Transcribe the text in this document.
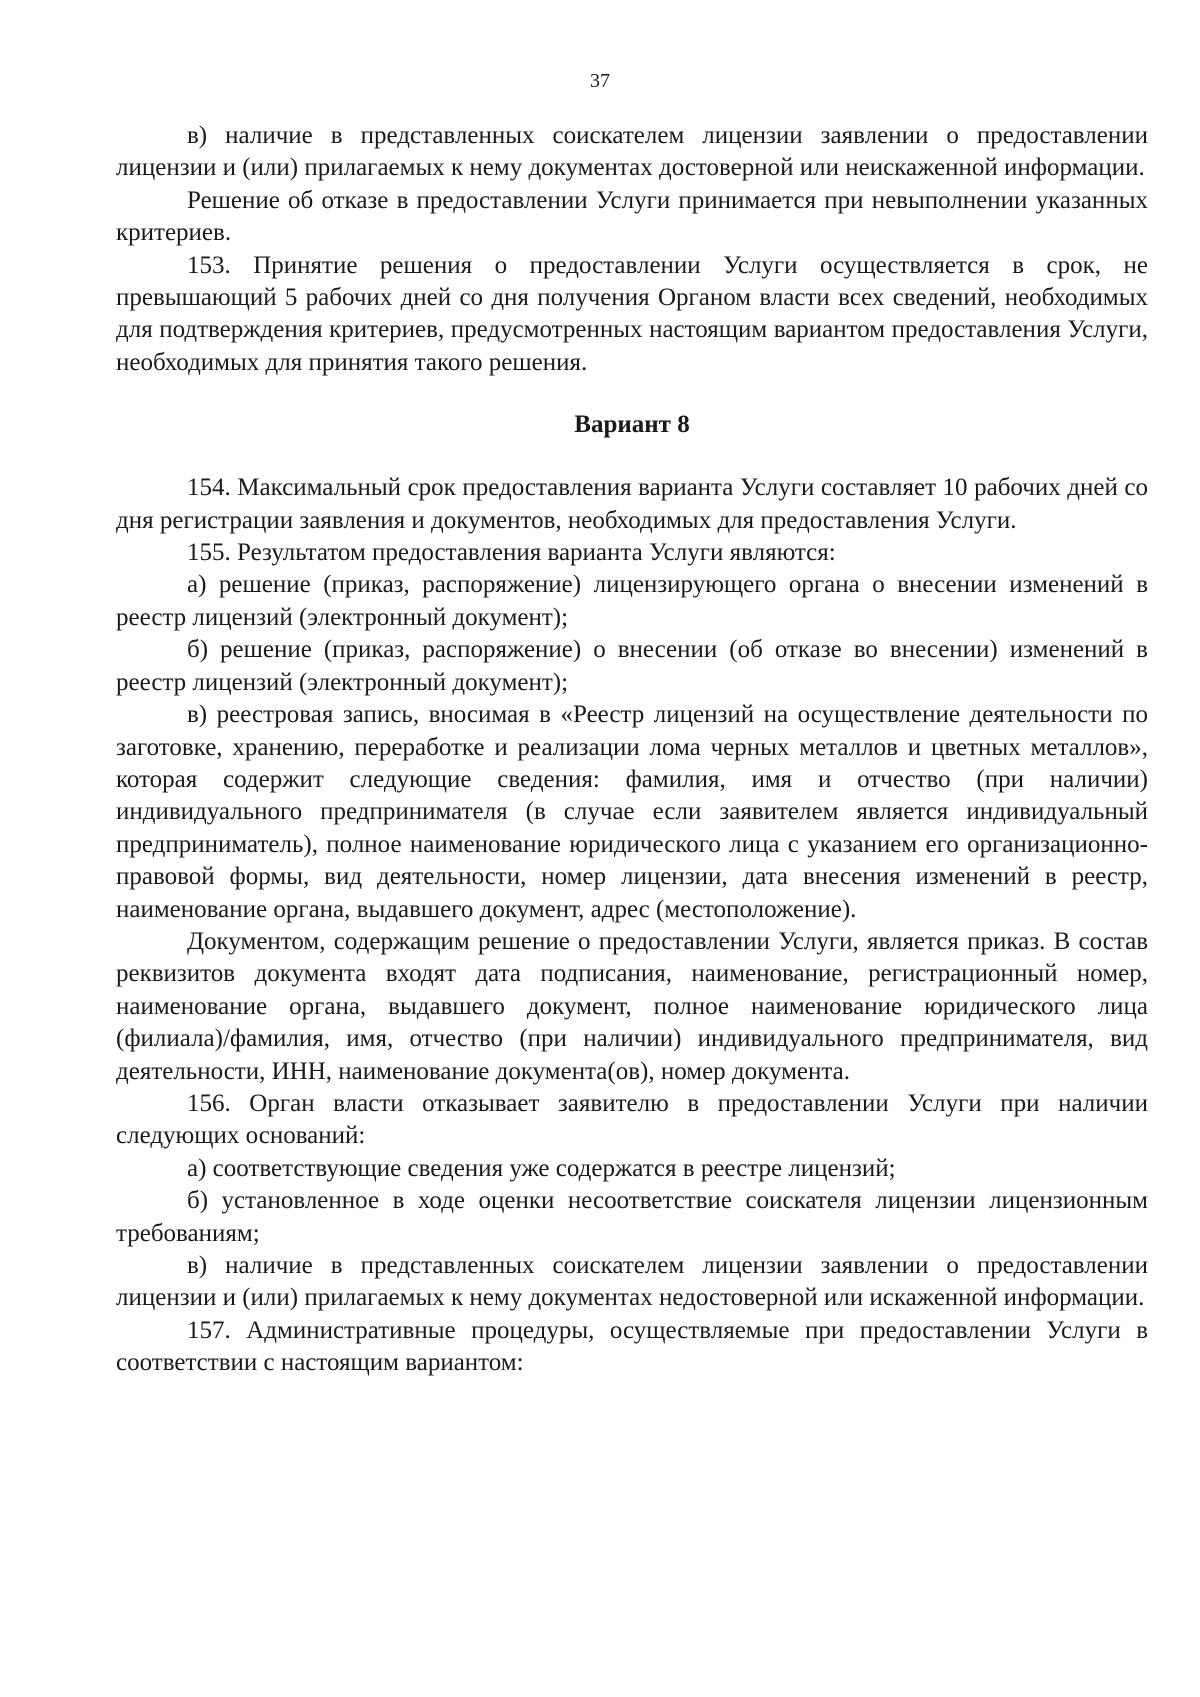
37

в) наличие в представленных соискателем лицензии заявлении о предоставлении лицензии и (или) прилагаемых к нему документах достоверной или неискаженной информации.

Решение об отказе в предоставлении Услуги принимается при невыполнении указанных критериев.

153. Принятие решения о предоставлении Услуги осуществляется в срок, не превышающий 5 рабочих дней со дня получения Органом власти всех сведений, необходимых для подтверждения критериев, предусмотренных настоящим вариантом предоставления Услуги, необходимых для принятия такого решения.

Вариант 8

154. Максимальный срок предоставления варианта Услуги составляет 10 рабочих дней со дня регистрации заявления и документов, необходимых для предоставления Услуги.

155. Результатом предоставления варианта Услуги являются:

а) решение (приказ, распоряжение) лицензирующего органа о внесении изменений в реестр лицензий (электронный документ);

б) решение (приказ, распоряжение) о внесении (об отказе во внесении) изменений в реестр лицензий (электронный документ);

в) реестровая запись, вносимая в «Реестр лицензий на осуществление деятельности по заготовке, хранению, переработке и реализации лома черных металлов и цветных металлов», которая содержит следующие сведения: фамилия, имя и отчество (при наличии) индивидуального предпринимателя (в случае если заявителем является индивидуальный предприниматель), полное наименование юридического лица с указанием его организационно-правовой формы, вид деятельности, номер лицензии, дата внесения изменений в реестр, наименование органа, выдавшего документ, адрес (местоположение).

Документом, содержащим решение о предоставлении Услуги, является приказ. В состав реквизитов документа входят дата подписания, наименование, регистрационный номер, наименование органа, выдавшего документ, полное наименование юридического лица (филиала)/фамилия, имя, отчество (при наличии) индивидуального предпринимателя, вид деятельности, ИНН, наименование документа(ов), номер документа.

156. Орган власти отказывает заявителю в предоставлении Услуги при наличии следующих оснований:

а) соответствующие сведения уже содержатся в реестре лицензий;

б) установленное в ходе оценки несоответствие соискателя лицензии лицензионным требованиям;

в) наличие в представленных соискателем лицензии заявлении о предоставлении лицензии и (или) прилагаемых к нему документах недостоверной или искаженной информации.

157. Административные процедуры, осуществляемые при предоставлении Услуги в соответствии с настоящим вариантом:
